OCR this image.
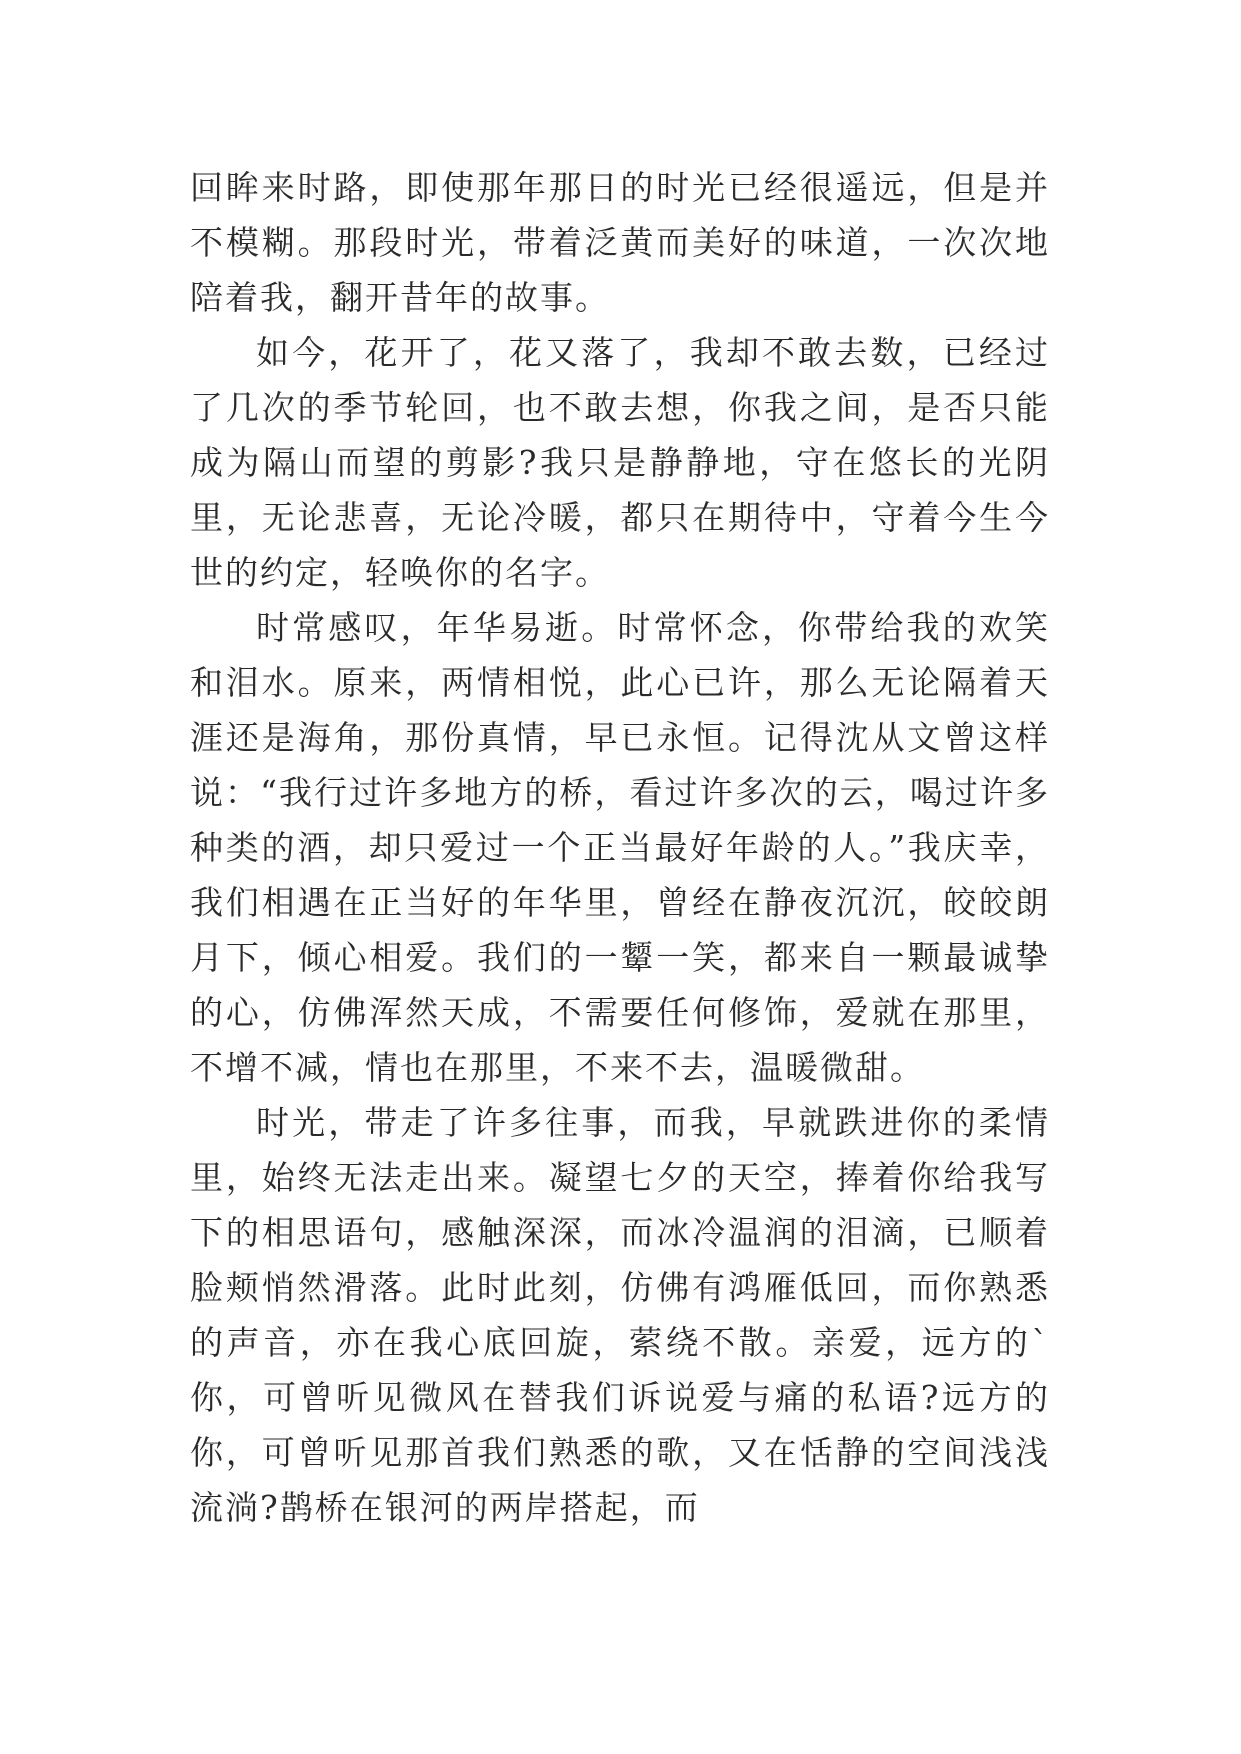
回眸来时路，即使那年那日的时光已经很遥远，但是并不模糊。那段时光，带着泛黄而美好的味道，一次次地陪着我，翻开昔年的故事。

如今，花开了，花又落了，我却不敢去数，已经过了几次的季节轮回，也不敢去想，你我之间，是否只能成为隔山而望的剪影?我只是静静地，守在悠长的光阴里，无论悲喜，无论冷暖，都只在期待中，守着今生今世的约定，轻唤你的名字。

时常感叹，年华易逝。时常怀念，你带给我的欢笑和泪水。原来，两情相悦，此心已许，那么无论隔着天涯还是海角，那份真情，早已永恒。记得沈从文曾这样说：“我行过许多地方的桥，看过许多次的云，喝过许多种类的酒，却只爱过一个正当最好年龄的人。”我庆幸，我们相遇在正当好的年华里，曾经在静夜沉沉，皎皎朗月下，倾心相爱。我们的一颦一笑，都来自一颗最诚挚的心，仿佛浑然天成，不需要任何修饰，爱就在那里，不增不减，情也在那里，不来不去，温暖微甜。

时光，带走了许多往事，而我，早就跌进你的柔情里，始终无法走出来。凝望七夕的天空，捧着你给我写下的相思语句，感触深深，而冰冷温润的泪滴，已顺着脸颊悄然滑落。此时此刻，仿佛有鸿雁低回，而你熟悉的声音，亦在我心底回旋，萦绕不散。亲爱，远方的`你，可曾听见微风在替我们诉说爱与痛的私语?远方的你，可曾听见那首我们熟悉的歌，又在恬静的空间浅浅流淌?鹊桥在银河的两岸搭起，而
